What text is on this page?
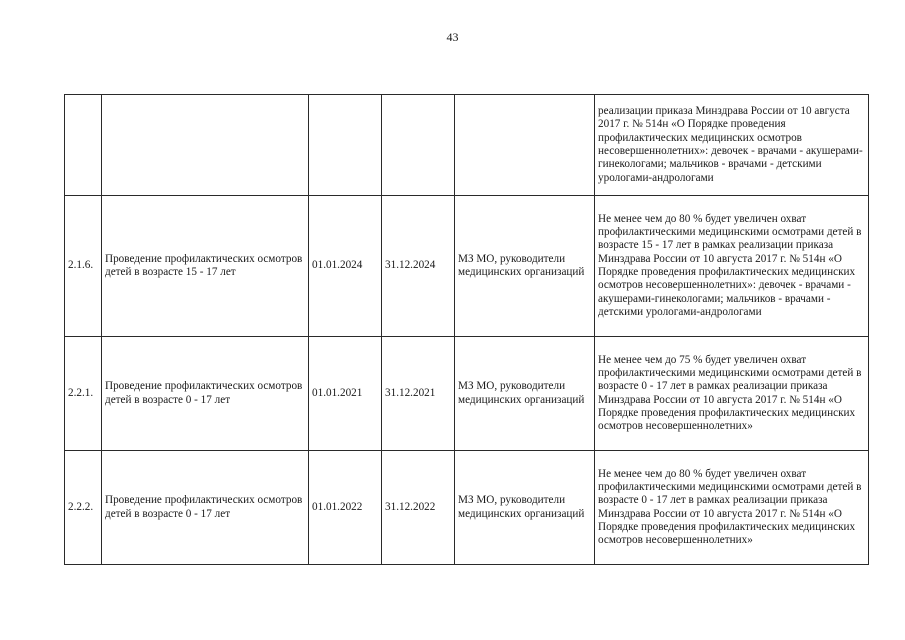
43

					реализации приказа Минздрава России от 10 августа 2017 г. № 514н «О Порядке проведения профилактических медицинских осмотров несовершеннолетних»: девочек - врачами - акушерами-гинекологами; мальчиков - врачами - детскими урологами-андрологами

2.1.6.	Проведение профилактических осмотров детей в возрасте 15 - 17 лет	01.01.2024	31.12.2024	МЗ МО, руководители медицинских организаций	Не менее чем до 80 % будет увеличен охват профилактическими медицинскими осмотрами детей в возрасте 15 - 17 лет в рамках реализации приказа Минздрава России от 10 августа 2017 г. № 514н «О Порядке проведения профилактических медицинских осмотров несовершеннолетних»: девочек - врачами - акушерами-гинекологами; мальчиков - врачами - детскими урологами-андрологами

2.2.1.	Проведение профилактических осмотров детей в возрасте 0 - 17 лет	01.01.2021	31.12.2021	МЗ МО, руководители медицинских организаций	Не менее чем до 75 % будет увеличен охват профилактическими медицинскими осмотрами детей в возрасте 0 - 17 лет в рамках реализации приказа Минздрава России от 10 августа 2017 г. № 514н «О Порядке проведения профилактических медицинских осмотров несовершеннолетних»

2.2.2.	Проведение профилактических осмотров детей в возрасте 0 - 17 лет	01.01.2022	31.12.2022	МЗ МО, руководители медицинских организаций	Не менее чем до 80 % будет увеличен охват профилактическими медицинскими осмотрами детей в возрасте 0 - 17 лет в рамках реализации приказа Минздрава России от 10 августа 2017 г. № 514н «О Порядке проведения профилактических медицинских осмотров несовершеннолетних»
